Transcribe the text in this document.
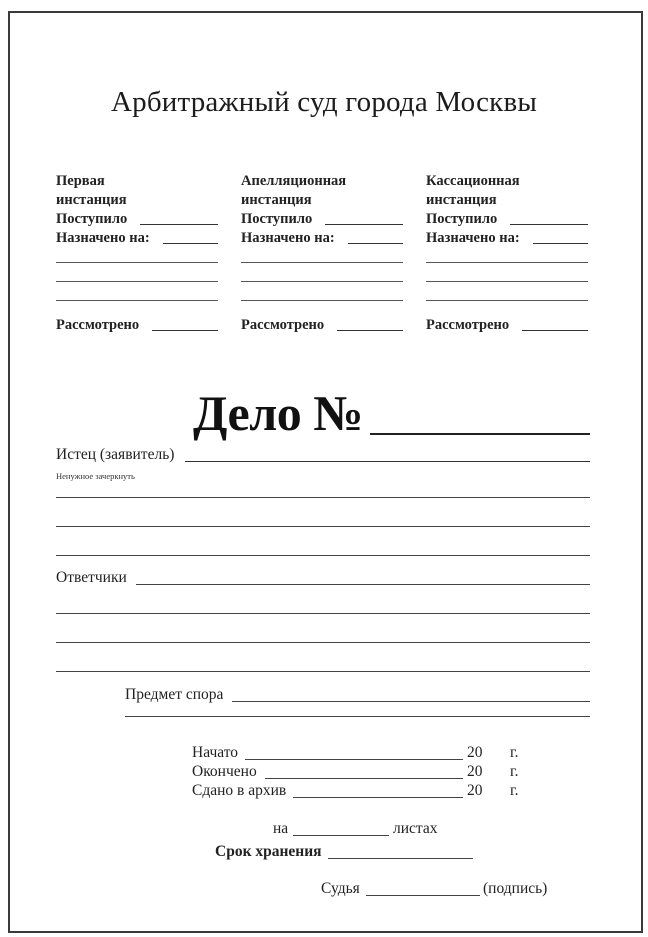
Арбитражный суд города Москвы
Первая
инстанция
Поступило
Назначено на:
Рассмотрено
Апелляционная
инстанция
Поступило
Назначено на:
Рассмотрено
Кассационная
инстанция
Поступило
Назначено на:
Рассмотрено
Дело №
Истец (заявитель)
Ненужное зачеркнуть
Ответчики
Предмет спора
Начато	20 г.
Окончено	20 г.
Сдано в архив	20 г.
на	листах
Срок хранения
Судья	(подпись)
